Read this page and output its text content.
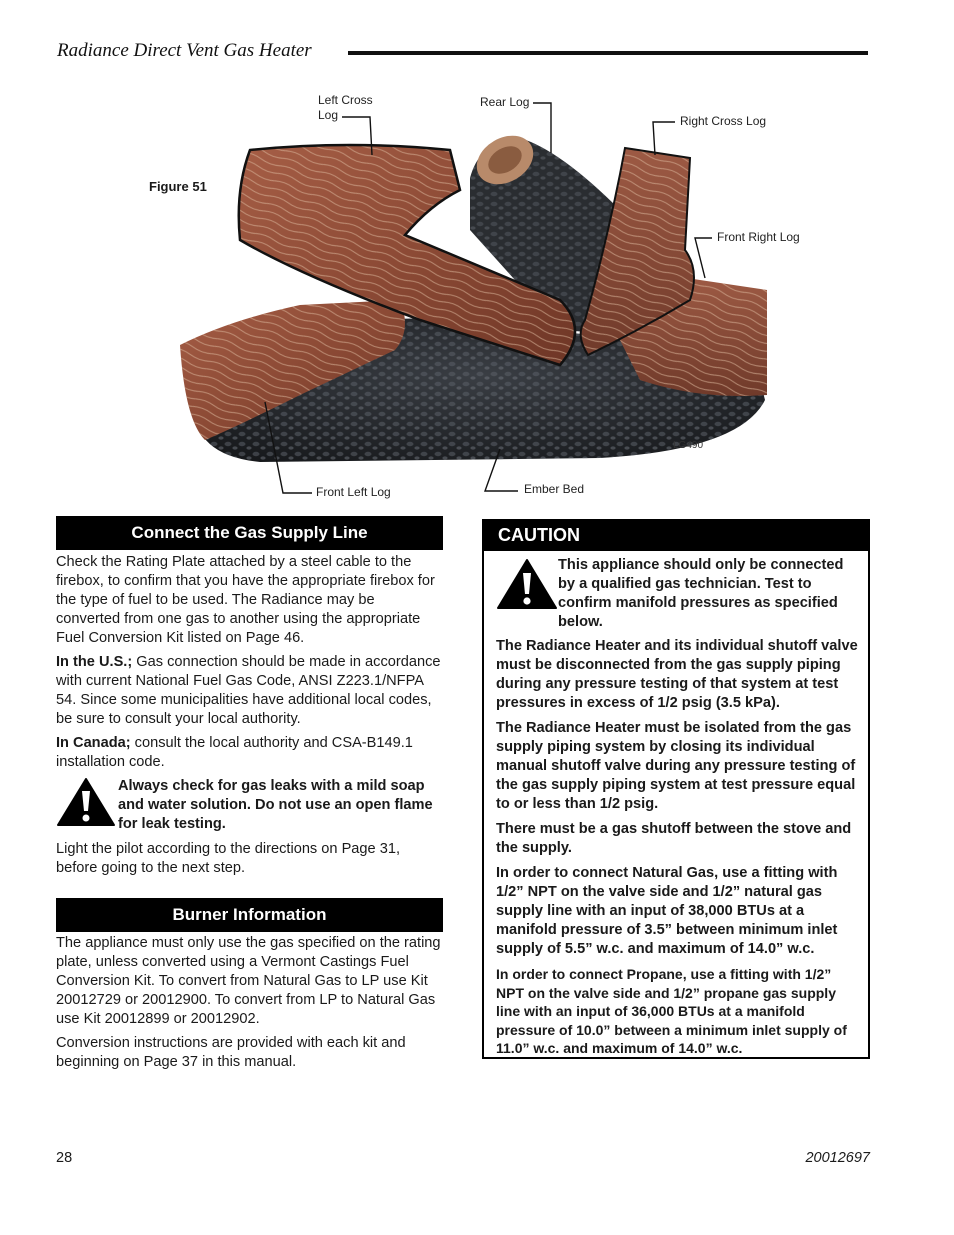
Radiance Direct Vent Gas Heater
Figure 51
Left Cross Log
Rear Log
Right Cross Log
Front Right Log
Front Left Log	Ember Bed
LG490
Connect the Gas Supply Line

Check the Rating Plate attached by a steel cable to the firebox, to confirm that you have the appropriate firebox for the type of fuel to be used. The Radiance may be converted from one gas to another using the appropriate Fuel Conversion Kit listed on Page 46.

In the U.S.; Gas connection should be made in accordance with current National Fuel Gas Code, ANSI Z223.1/NFPA 54. Since some municipalities have additional local codes, be sure to consult your local authority.

In Canada; consult the local authority and CSA-B149.1 installation code.

Always check for gas leaks with a mild soap and water solution. Do not use an open flame for leak testing.

Light the pilot according to the directions on Page 31, before going to the next step.

Burner Information

The appliance must only use the gas specified on the rating plate, unless converted using a Vermont Castings Fuel Conversion Kit. To convert from Natural Gas to LP use Kit 20012729 or 20012900. To convert from LP to Natural Gas use Kit 20012899 or 20012902.

Conversion instructions are provided with each kit and beginning on Page 37 in this manual.

CAUTION
This appliance should only be connected by a qualified gas technician. Test to confirm manifold pressures as specified below.

The Radiance Heater and its individual shutoff valve must be disconnected from the gas supply piping during any pressure testing of that system at test pressures in excess of 1/2 psig (3.5 kPa).

The Radiance Heater must be isolated from the gas supply piping system by closing its individual manual shutoff valve during any pressure testing of the gas supply piping system at test pressure equal to or less than 1/2 psig.

There must be a gas shutoff between the stove and the supply.

In order to connect Natural Gas, use a fitting with 1/2” NPT on the valve side and 1/2” natural gas supply line with an input of 38,000 BTUs at a manifold pressure of 3.5” between minimum inlet supply of 5.5” w.c. and maximum of 14.0” w.c.

In order to connect Propane, use a fitting with 1/2” NPT on the valve side and 1/2” propane gas supply line with an input of 36,000 BTUs at a manifold pressure of 10.0” between a minimum inlet supply of 11.0” w.c. and maximum of 14.0” w.c.

28	20012697
